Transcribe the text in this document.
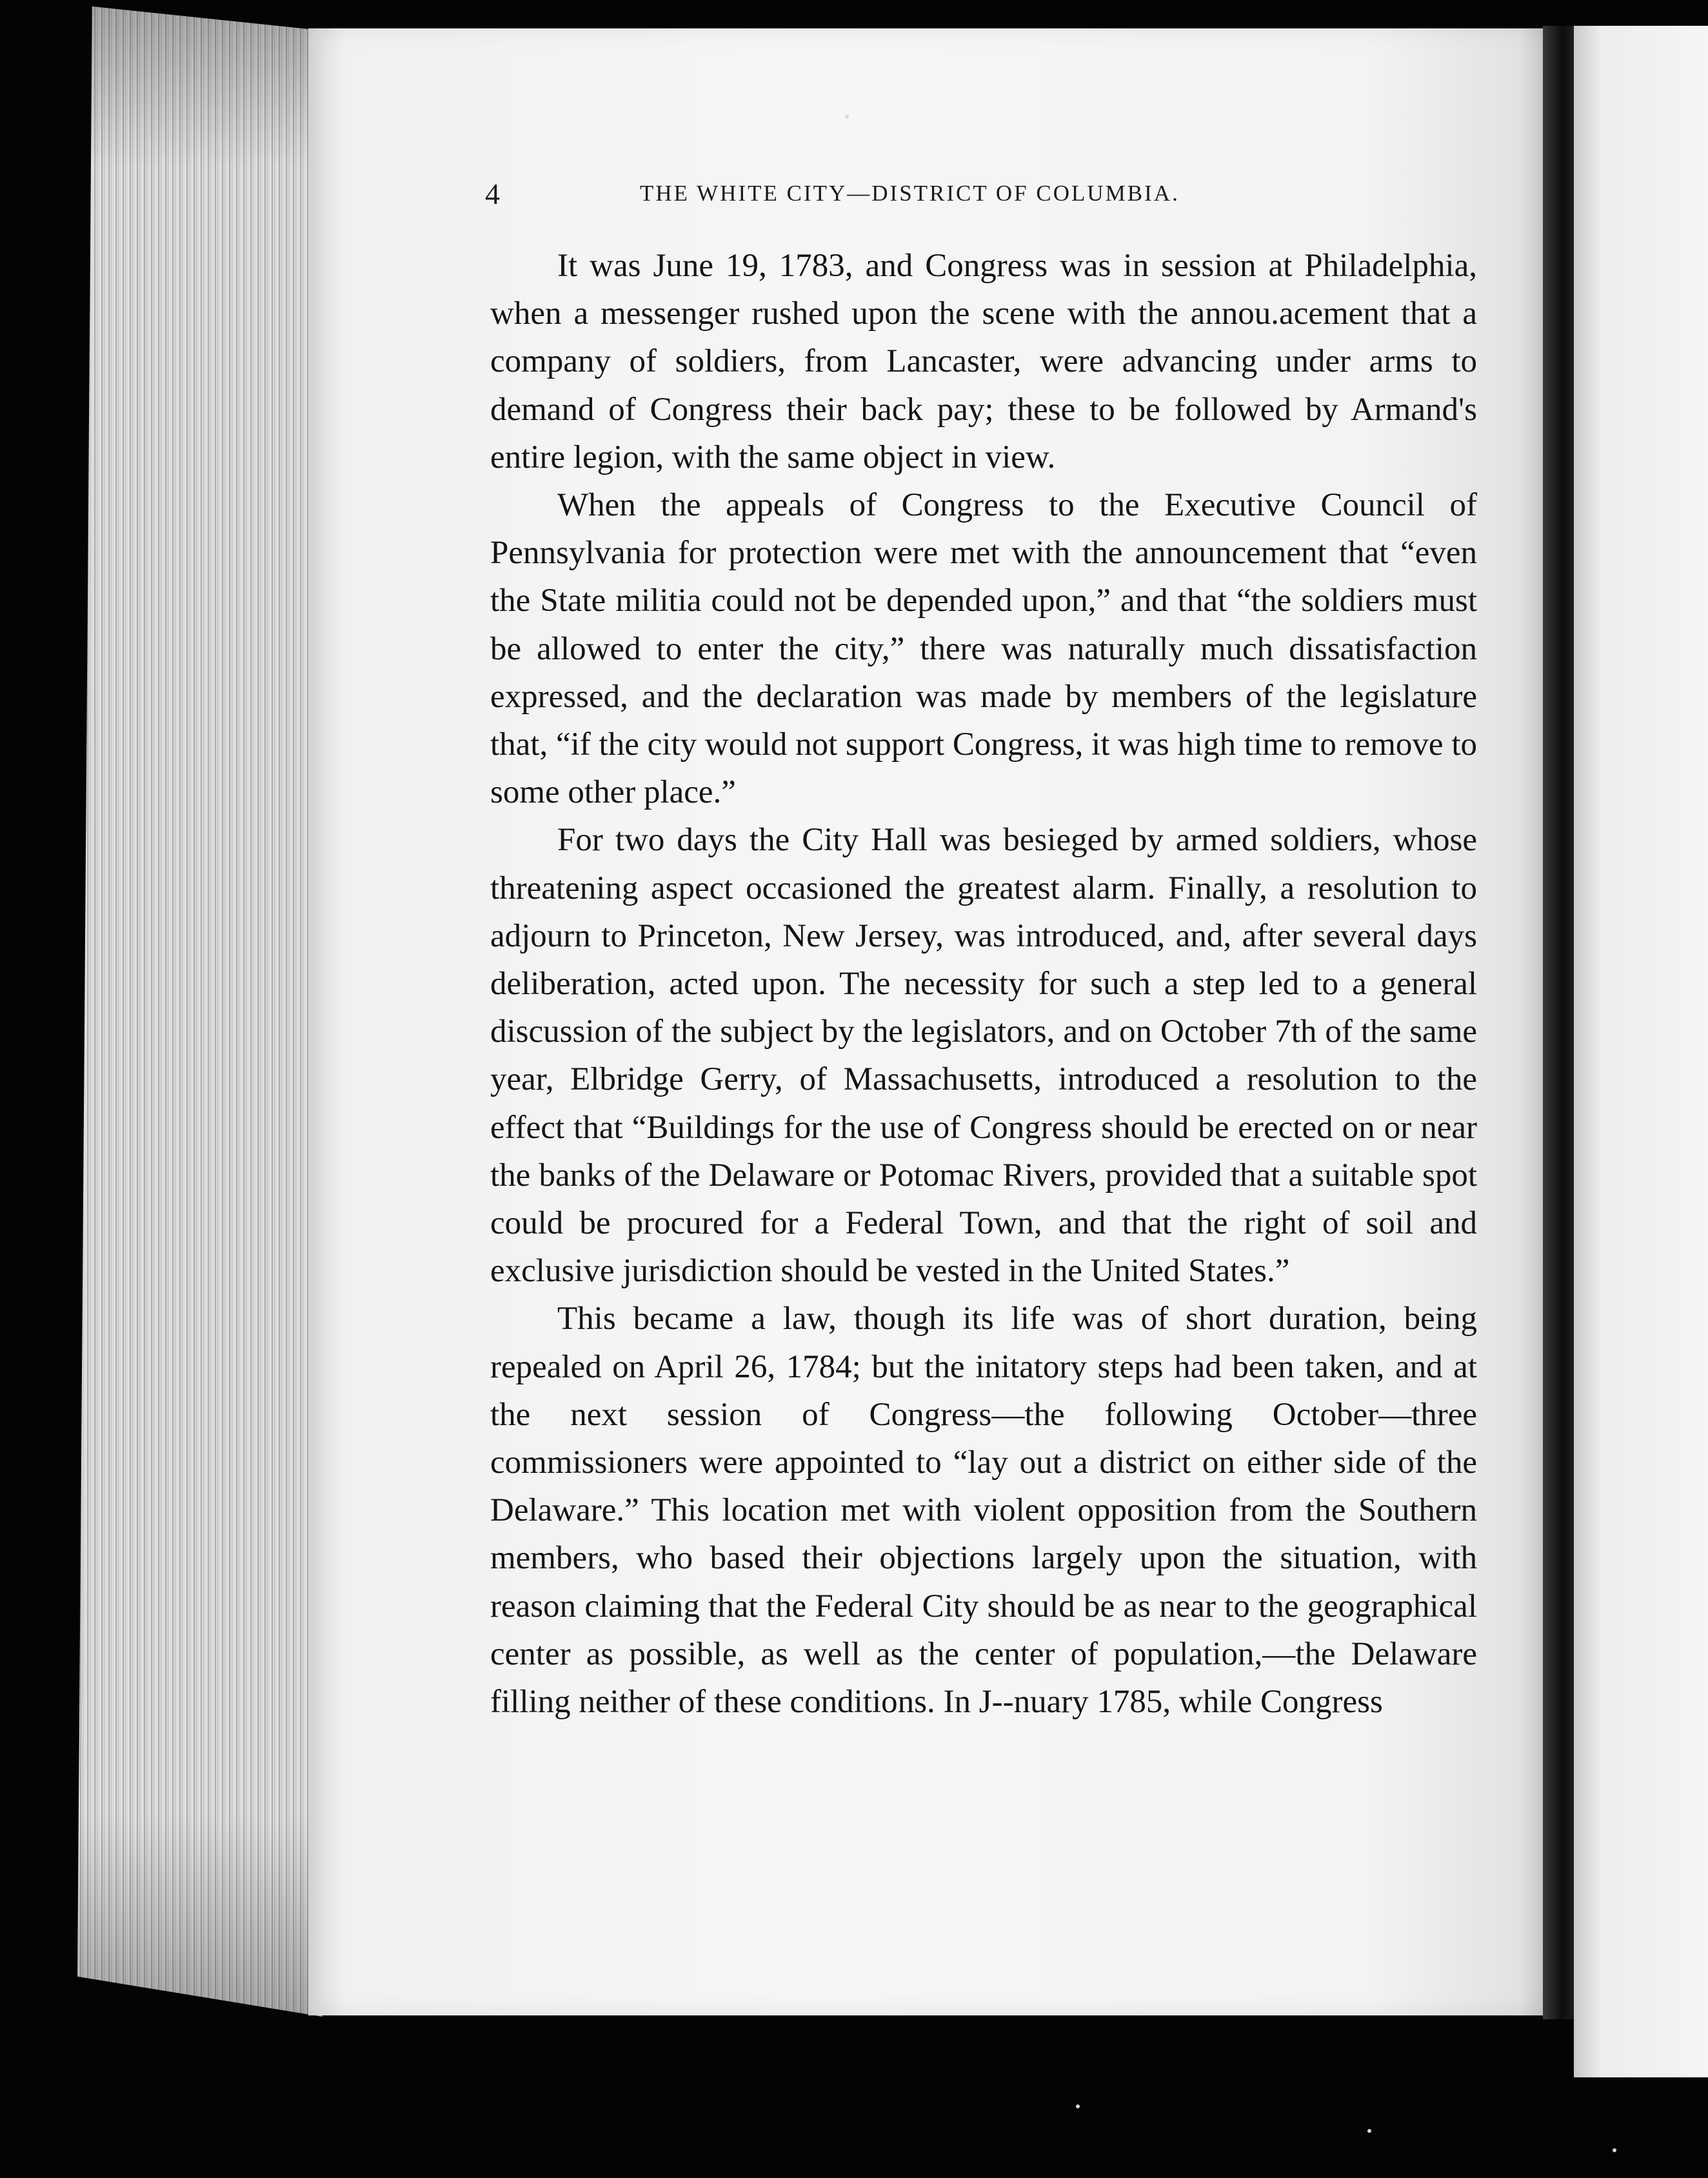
4	THE WHITE CITY—DISTRICT OF COLUMBIA.

It was June 19, 1783, and Congress was in session at Philadelphia, when a messenger rushed upon the scene with the annou.acement that a company of soldiers, from Lancaster, were advancing under arms to demand of Congress their back pay; these to be followed by Armand's entire legion, with the same object in view.

When the appeals of Congress to the Executive Council of Pennsylvania for protection were met with the announcement that “even the State militia could not be depended upon,” and that “the soldiers must be allowed to enter the city,” there was naturally much dissatisfaction expressed, and the declaration was made by members of the legislature that, “if the city would not support Congress, it was high time to remove to some other place.”

For two days the City Hall was besieged by armed soldiers, whose threatening aspect occasioned the greatest alarm. Finally, a resolution to adjourn to Princeton, New Jersey, was introduced, and, after several days deliberation, acted upon. The necessity for such a step led to a general discussion of the subject by the legislators, and on October 7th of the same year, Elbridge Gerry, of Massachusetts, introduced a resolution to the effect that “Buildings for the use of Congress should be erected on or near the banks of the Delaware or Potomac Rivers, provided that a suitable spot could be procured for a Federal Town, and that the right of soil and exclusive jurisdiction should be vested in the United States.”

This became a law, though its life was of short duration, being repealed on April 26, 1784; but the initatory steps had been taken, and at the next session of Congress—the following October—three commissioners were appointed to “lay out a district on either side of the Delaware.” This location met with violent opposition from the Southern members, who based their objections largely upon the situation, with reason claiming that the Federal City should be as near to the geographical center as possible, as well as the center of population,—the Delaware filling neither of these conditions. In J--nuary 1785, while Congress
